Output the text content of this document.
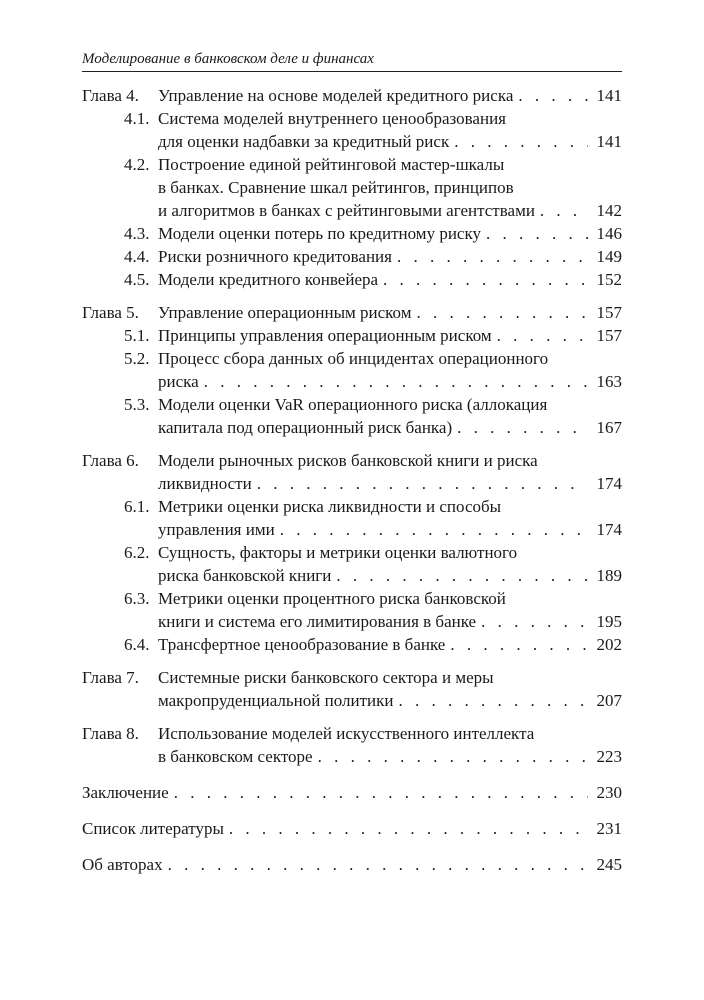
Моделирование в банковском деле и финансах
Глава 4. Управление на основе моделей кредитного риска . . .	141
4.1. Система моделей внутреннего ценообразования
для оценки надбавки за кредитный риск . . .	141
4.2. Построение единой рейтинговой мастер-шкалы
в банках. Сравнение шкал рейтингов, принципов
и алгоритмов в банках с рейтинговыми агентствами . . .	142
4.3. Модели оценки потерь по кредитному риску . . .	146
4.4. Риски розничного кредитования . . .	149
4.5. Модели кредитного конвейера . . .	152
Глава 5. Управление операционным риском . . .	157
5.1. Принципы управления операционным риском . . .	157
5.2. Процесс сбора данных об инцидентах операционного
риска . . .	163
5.3. Модели оценки VaR операционного риска (аллокация
капитала под операционный риск банка) . . .	167
Глава 6. Модели рыночных рисков банковской книги и риска
ликвидности . . .	174
6.1. Метрики оценки риска ликвидности и способы
управления ими . . .	174
6.2. Сущность, факторы и метрики оценки валютного
риска банковской книги . . .	189
6.3. Метрики оценки процентного риска банковской
книги и система его лимитирования в банке . . .	195
6.4. Трансфертное ценообразование в банке . . .	202
Глава 7. Системные риски банковского сектора и меры
макропруденциальной политики . . .	207
Глава 8. Использование моделей искусственного интеллекта
в банковском секторе . . .	223
Заключение . . .	230
Список литературы . . .	231
Об авторах . . .	245
